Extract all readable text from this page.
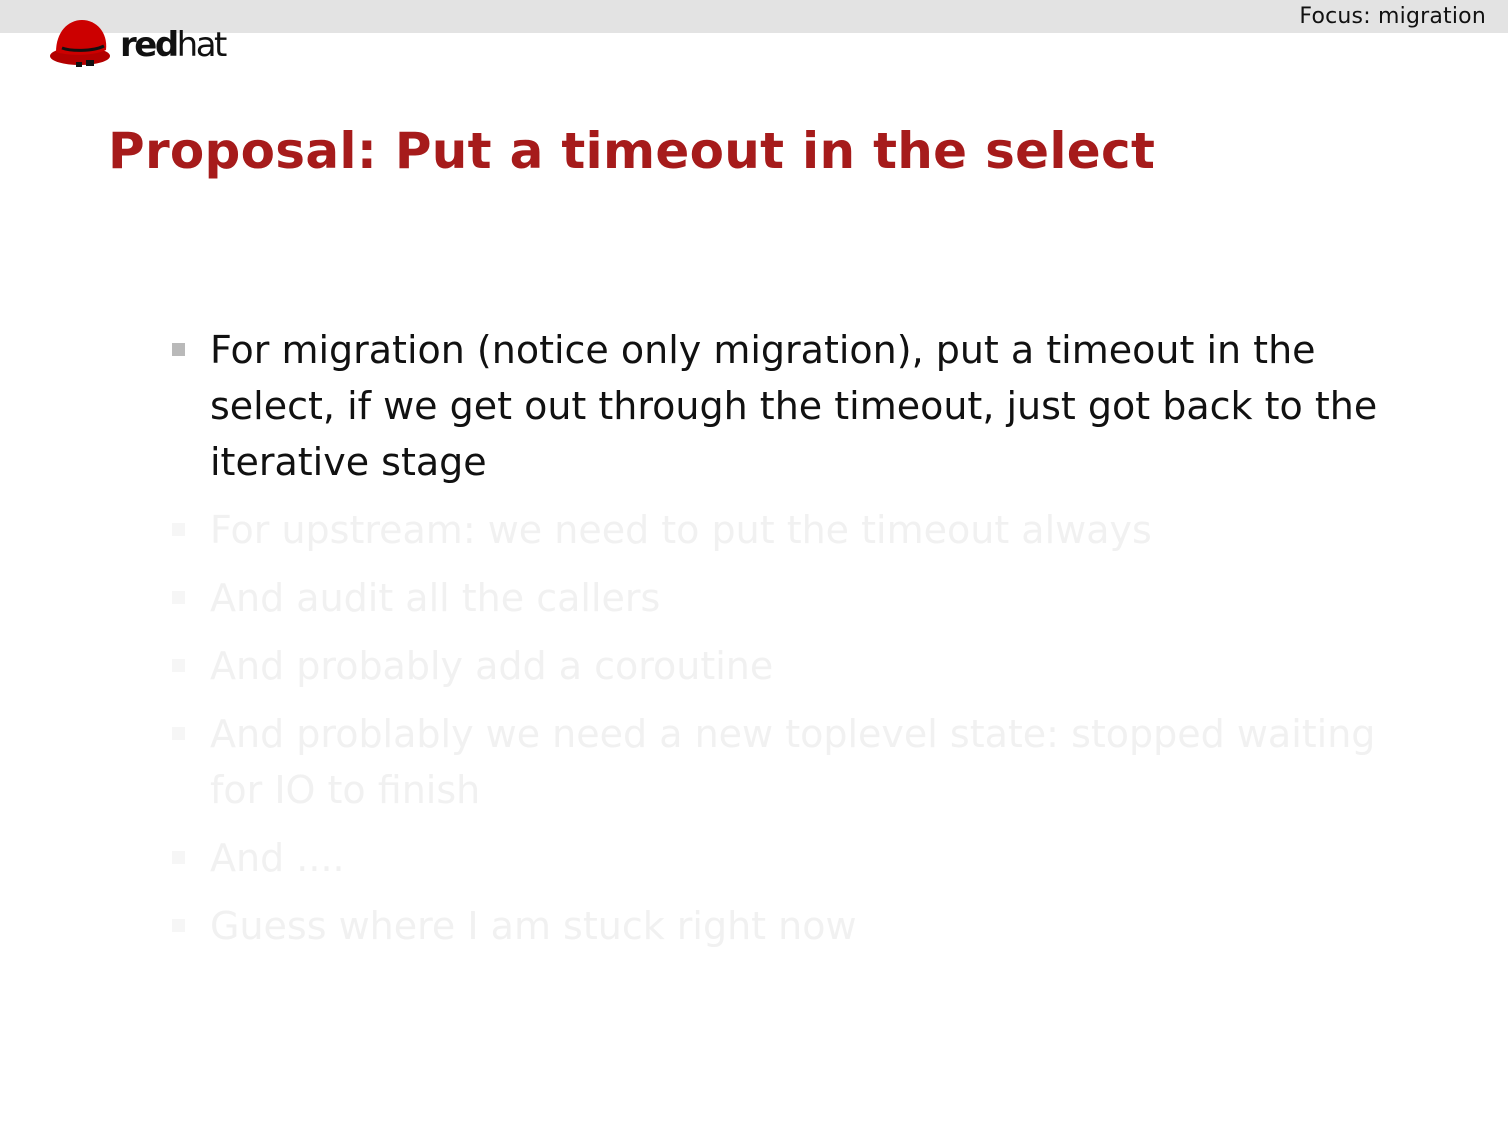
Focus: migration
redhat
Proposal: Put a timeout in the select
For migration (notice only migration), put a timeout in the select, if we get out through the timeout, just got back to the iterative stage
For upstream: we need to put the timeout always
And audit all the callers
And probably add a coroutine
And problably we need a new toplevel state: stopped waiting for IO to finish
And ....
Guess where I am stuck right now
